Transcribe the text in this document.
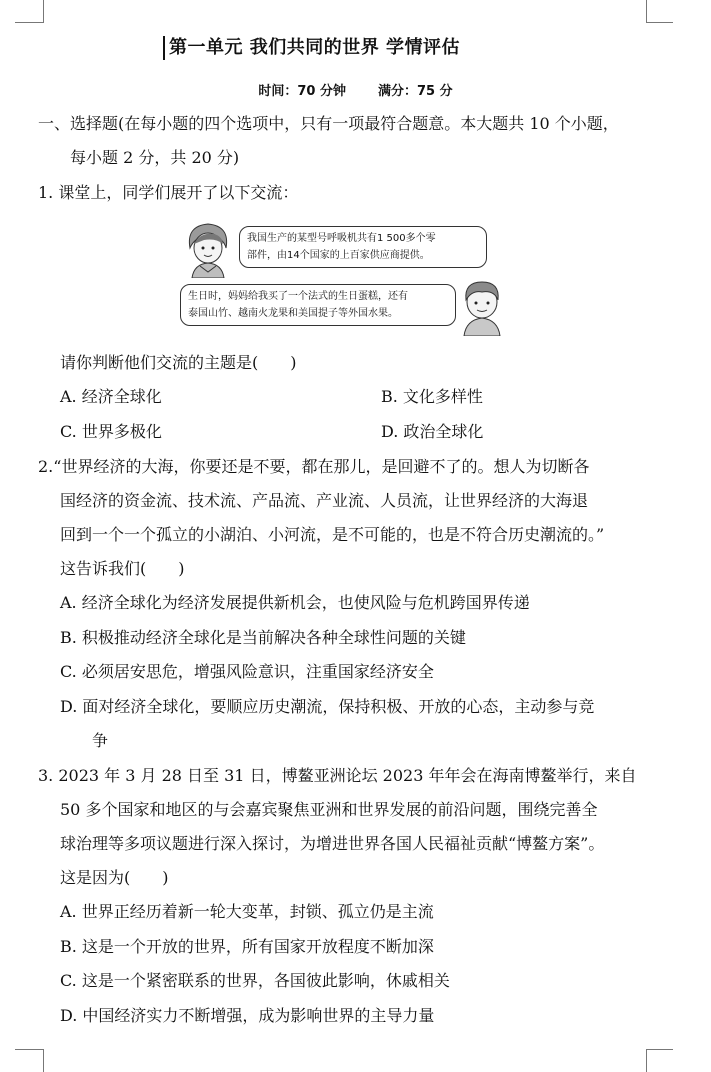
第一单元 我们共同的世界 学情评估
时间：70 分钟 满分：75 分
一、选择题(在每小题的四个选项中，只有一项最符合题意。本大题共 10 个小题，
每小题 2 分，共 20 分)
1. 课堂上，同学们展开了以下交流：
我国生产的某型号呼吸机共有1 500多个零
部件，由14个国家的上百家供应商提供。
生日时，妈妈给我买了一个法式的生日蛋糕，还有
泰国山竹、越南火龙果和美国提子等外国水果。
请你判断他们交流的主题是(　　)
A. 经济全球化	B. 文化多样性
C. 世界多极化	D. 政治全球化
2.“世界经济的大海，你要还是不要，都在那儿，是回避不了的。想人为切断各
国经济的资金流、技术流、产品流、产业流、人员流，让世界经济的大海退
回到一个一个孤立的小湖泊、小河流，是不可能的，也是不符合历史潮流的。”
这告诉我们(　　)
A. 经济全球化为经济发展提供新机会，也使风险与危机跨国界传递
B. 积极推动经济全球化是当前解决各种全球性问题的关键
C. 必须居安思危，增强风险意识，注重国家经济安全
D. 面对经济全球化，要顺应历史潮流，保持积极、开放的心态，主动参与竞
争
3. 2023 年 3 月 28 日至 31 日，博鳌亚洲论坛 2023 年年会在海南博鳌举行，来自
50 多个国家和地区的与会嘉宾聚焦亚洲和世界发展的前沿问题，围绕完善全
球治理等多项议题进行深入探讨，为增进世界各国人民福祉贡献“博鳌方案”。
这是因为(　　)
A. 世界正经历着新一轮大变革，封锁、孤立仍是主流
B. 这是一个开放的世界，所有国家开放程度不断加深
C. 这是一个紧密联系的世界，各国彼此影响，休戚相关
D. 中国经济实力不断增强，成为影响世界的主导力量
